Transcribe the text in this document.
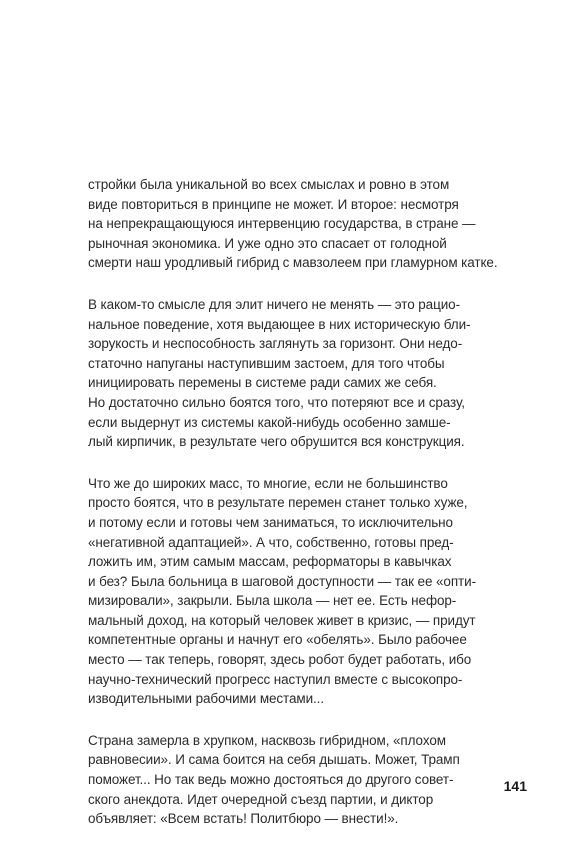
стройки была уникальной во всех смыслах и ровно в этом
виде повториться в принципе не может. И второе: несмотря
на непрекращающуюся интервенцию государства, в стране —
рыночная экономика. И уже одно это спасает от голодной
смерти наш уродливый гибрид с мавзолеем при гламурном катке.
В каком-то смысле для элит ничего не менять — это рацио-
нальное поведение, хотя выдающее в них историческую бли-
зорукость и неспособность заглянуть за горизонт. Они недо-
статочно напуганы наступившим застоем, для того чтобы
инициировать перемены в системе ради самих же себя.
Но достаточно сильно боятся того, что потеряют все и сразу,
если выдернут из системы какой-нибудь особенно замше-
лый кирпичик, в результате чего обрушится вся конструкция.
Что же до широких масс, то многие, если не большинство
просто боятся, что в результате перемен станет только хуже,
и потому если и готовы чем заниматься, то исключительно
«негативной адаптацией». А что, собственно, готовы пред-
ложить им, этим самым массам, реформаторы в кавычках
и без? Была больница в шаговой доступности — так ее «опти-
мизировали», закрыли. Была школа — нет ее. Есть нефор-
мальный доход, на который человек живет в кризис, — придут
компетентные органы и начнут его «обелять». Было рабочее
место — так теперь, говорят, здесь робот будет работать, ибо
научно-технический прогресс наступил вместе с высокопро-
изводительными рабочими местами...
Страна замерла в хрупком, насквозь гибридном, «плохом
равновесии». И сама боится на себя дышать. Может, Трамп
поможет... Но так ведь можно достояться до другого совет-
ского анекдота. Идет очередной съезд партии, и диктор
объявляет: «Всем встать! Политбюро — внести!».
141
